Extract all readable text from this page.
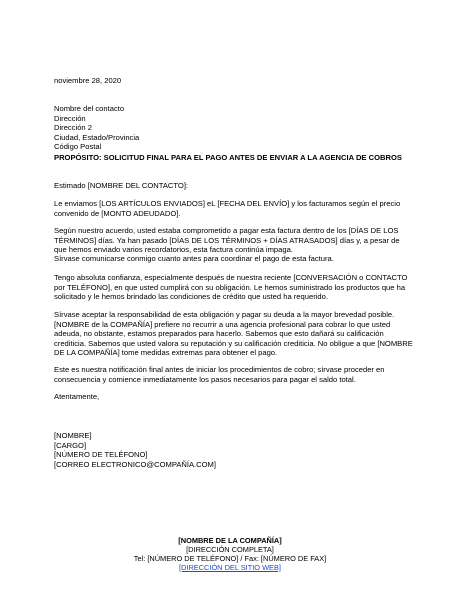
noviembre 28, 2020
Nombre del contacto
Dirección
Dirección 2
Ciudad, Estado/Provincia
Código Postal
PROPÓSITO: SOLICITUD FINAL PARA EL PAGO ANTES DE ENVIAR A LA AGENCIA DE COBROS
Estimado [NOMBRE DEL CONTACTO]:
Le enviamos [LOS ARTÍCULOS ENVIADOS] eL [FECHA DEL ENVÍO] y los facturamos según el precio convenido de [MONTO ADEUDADO].
Según nuestro acuerdo, usted estaba comprometido a pagar esta factura dentro de los [DÍAS DE LOS TÉRMINOS] días. Ya han pasado [DÍAS DE LOS TÉRMINOS + DÍAS ATRASADOS] días y, a pesar de que hemos enviado varios recordatorios, esta factura continúa impaga.
Sírvase comunicarse conmigo cuanto antes para coordinar el pago de esta factura.
Tengo absoluta confianza, especialmente después de nuestra reciente [CONVERSACIÓN o CONTACTO por TELÉFONO], en que usted cumplirá con su obligación. Le hemos suministrado los productos que ha solicitado y le hemos brindado las condiciones de crédito que usted ha requerido.
Sírvase aceptar la responsabilidad de esta obligación y pagar su deuda a la mayor brevedad posible. [NOMBRE de la COMPAÑÍA] prefiere no recurrir a una agencia profesional para cobrar lo que usted adeuda, no obstante, estamos preparados para hacerlo. Sabemos que esto dañará su calificación crediticia. Sabemos que usted valora su reputación y su calificación crediticia. No obligue a que [NOMBRE DE LA COMPAÑÍA] tome medidas extremas para obtener el pago.
Este es nuestra notificación final antes de iniciar los procedimientos de cobro; sírvase proceder en consecuencia y comience inmediatamente los pasos necesarios para pagar el saldo total.
Atentamente,
[NOMBRE]
[CARGO]
[NÚMERO DE TELÉFONO]
[CORREO ELECTRONICO@COMPAÑÍA.COM]
[NOMBRE DE LA COMPAÑÍA]
[DIRECCIÓN COMPLETA]
Tel: [NÚMERO DE TELÉFONO] / Fax: [NÚMERO DE FAX]
[DIRECCIÓN DEL SITIO WEB]
